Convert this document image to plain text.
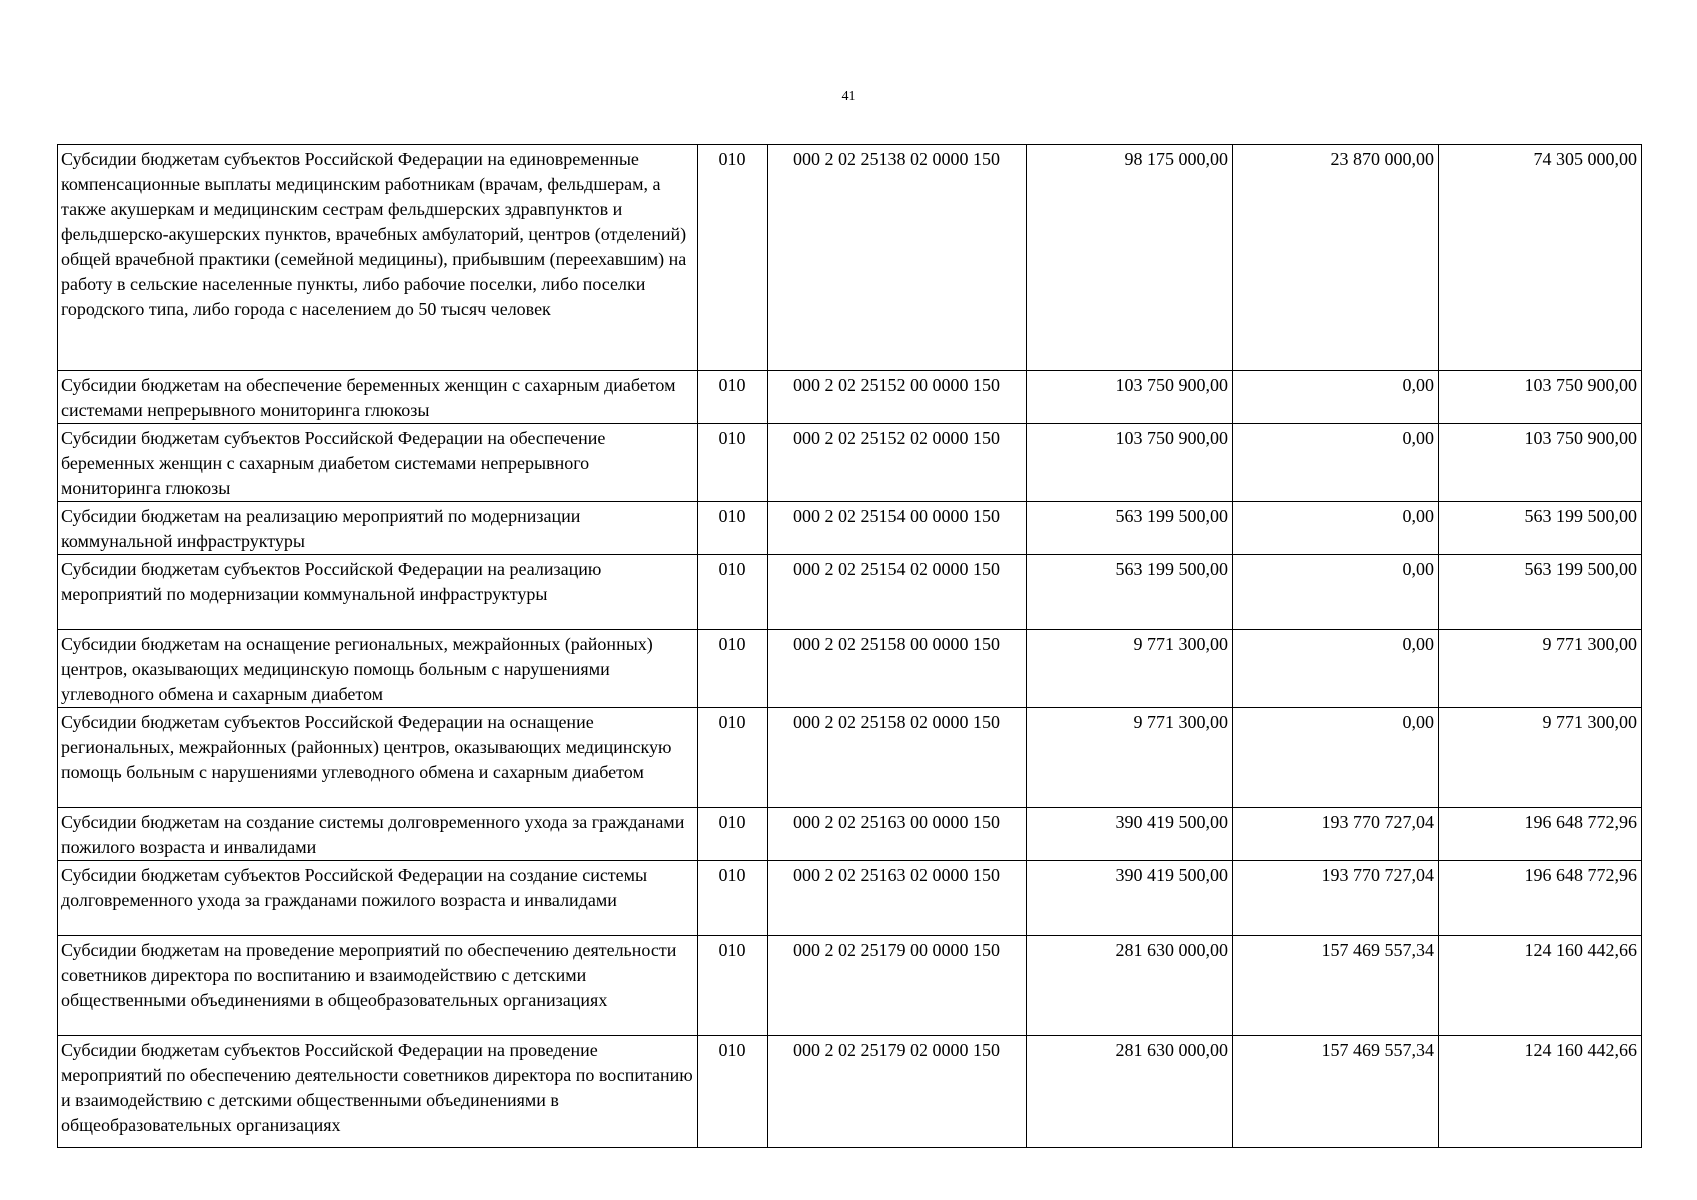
41
Субсидии бюджетам субъектов Российской Федерации на единовременные компенсационные выплаты медицинским работникам (врачам, фельдшерам, а также акушеркам и медицинским сестрам фельдшерских здравпунктов и фельдшерско-акушерских пунктов, врачебных амбулаторий, центров (отделений) общей врачебной практики (семейной медицины), прибывшим (переехавшим) на работу в сельские населенные пункты, либо рабочие поселки, либо поселки городского типа, либо города с населением до 50 тысяч человек	010	000 2 02 25138 02 0000 150	98 175 000,00	23 870 000,00	74 305 000,00
Субсидии бюджетам на обеспечение беременных женщин с сахарным диабетом системами непрерывного мониторинга глюкозы	010	000 2 02 25152 00 0000 150	103 750 900,00	0,00	103 750 900,00
Субсидии бюджетам субъектов Российской Федерации на обеспечение беременных женщин с сахарным диабетом системами непрерывного мониторинга глюкозы	010	000 2 02 25152 02 0000 150	103 750 900,00	0,00	103 750 900,00
Субсидии бюджетам на реализацию мероприятий по модернизации коммунальной инфраструктуры	010	000 2 02 25154 00 0000 150	563 199 500,00	0,00	563 199 500,00
Субсидии бюджетам субъектов Российской Федерации на реализацию мероприятий по модернизации коммунальной инфраструктуры	010	000 2 02 25154 02 0000 150	563 199 500,00	0,00	563 199 500,00
Субсидии бюджетам на оснащение региональных, межрайонных (районных) центров, оказывающих медицинскую помощь больным с нарушениями углеводного обмена и сахарным диабетом	010	000 2 02 25158 00 0000 150	9 771 300,00	0,00	9 771 300,00
Субсидии бюджетам субъектов Российской Федерации на оснащение региональных, межрайонных (районных) центров, оказывающих медицинскую помощь больным с нарушениями углеводного обмена и сахарным диабетом	010	000 2 02 25158 02 0000 150	9 771 300,00	0,00	9 771 300,00
Субсидии бюджетам на создание системы долговременного ухода за гражданами пожилого возраста и инвалидами	010	000 2 02 25163 00 0000 150	390 419 500,00	193 770 727,04	196 648 772,96
Субсидии бюджетам субъектов Российской Федерации на создание системы долговременного ухода за гражданами пожилого возраста и инвалидами	010	000 2 02 25163 02 0000 150	390 419 500,00	193 770 727,04	196 648 772,96
Субсидии бюджетам на проведение мероприятий по обеспечению деятельности советников директора по воспитанию и взаимодействию с детскими общественными объединениями в общеобразовательных организациях	010	000 2 02 25179 00 0000 150	281 630 000,00	157 469 557,34	124 160 442,66
Субсидии бюджетам субъектов Российской Федерации на проведение мероприятий по обеспечению деятельности советников директора по воспитанию и взаимодействию с детскими общественными объединениями в общеобразовательных организациях	010	000 2 02 25179 02 0000 150	281 630 000,00	157 469 557,34	124 160 442,66
